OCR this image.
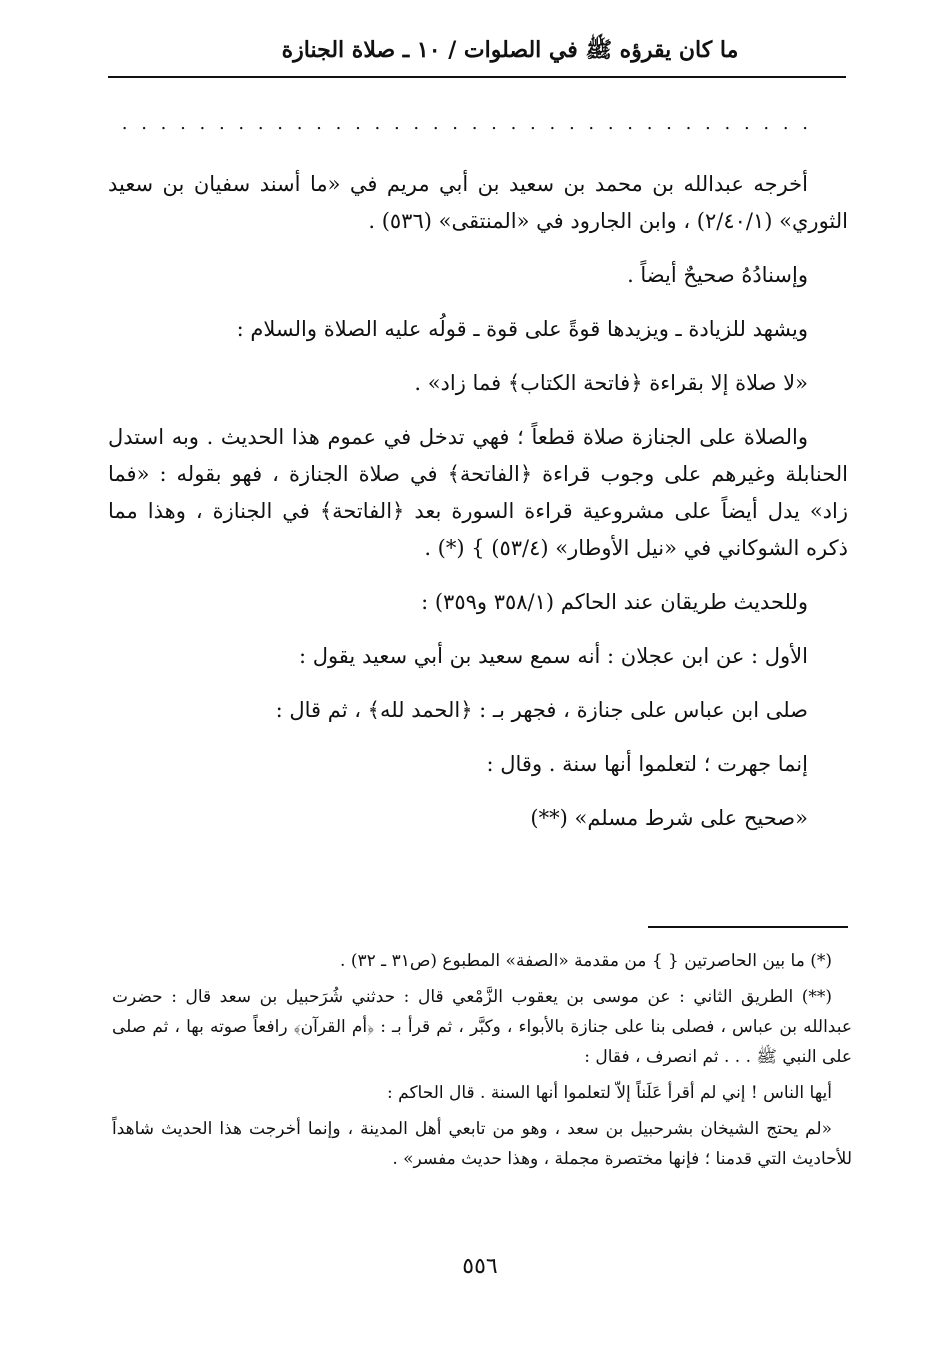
ما كان يقرؤه ﷺ في الصلوات / ١٠ ـ صلاة الجنازة
. . . . . . . . . . . . . . . . . . . . . . . . . . . . . . . . . . . .

أخرجه عبدالله بن محمد بن سعيد بن أبي مريم في «ما أسند سفيان بن سعيد الثوري» (٢/٤٠/١) ، وابن الجارود في «المنتقى» (٥٣٦) .

وإسنادُهُ صحيحٌ أيضاً .

ويشهد للزيادة ـ ويزيدها قوةً على قوة ـ قولُه عليه الصلاة والسلام :

«لا صلاة إلا بقراءة ﴿فاتحة الكتاب﴾ فما زاد» .

والصلاة على الجنازة صلاة قطعاً ؛ فهي تدخل في عموم هذا الحديث . وبه استدل الحنابلة وغيرهم على وجوب قراءة ﴿الفاتحة﴾ في صلاة الجنازة ، فهو بقوله : «فما زاد» يدل أيضاً على مشروعية قراءة السورة بعد ﴿الفاتحة﴾ في الجنازة ، وهذا مما ذكره الشوكاني في «نيل الأوطار» (٥٣/٤) } (*) .

وللحديث طريقان عند الحاكم (٣٥٨/١ و٣٥٩) :

الأول : عن ابن عجلان : أنه سمع سعيد بن أبي سعيد يقول :

صلى ابن عباس على جنازة ، فجهر بـ : ﴿الحمد لله﴾ ، ثم قال :

إنما جهرت ؛ لتعلموا أنها سنة . وقال :

«صحيح على شرط مسلم» (**)

(*) ما بين الحاصرتين { } من مقدمة «الصفة» المطبوع (ص٣١ ـ ٣٢) .

(**) الطريق الثاني : عن موسى بن يعقوب الزَّمْعي قال : حدثني شُرَحبيل بن سعد قال : حضرت عبدالله بن عباس ، فصلى بنا على جنازة بالأبواء ، وكبَّر ، ثم قرأ بـ : ﴿أم القرآن﴾ رافعاً صوته بها ، ثم صلى على النبي ﷺ . . . ثم انصرف ، فقال :

أيها الناس ! إني لم أقرأ عَلَناً إلاّ لتعلموا أنها السنة . قال الحاكم :

«لم يحتج الشيخان بشرحبيل بن سعد ، وهو من تابعي أهل المدينة ، وإنما أخرجت هذا الحديث شاهداً للأحاديث التي قدمنا ؛ فإنها مختصرة مجملة ، وهذا حديث مفسر» .

٥٥٦
